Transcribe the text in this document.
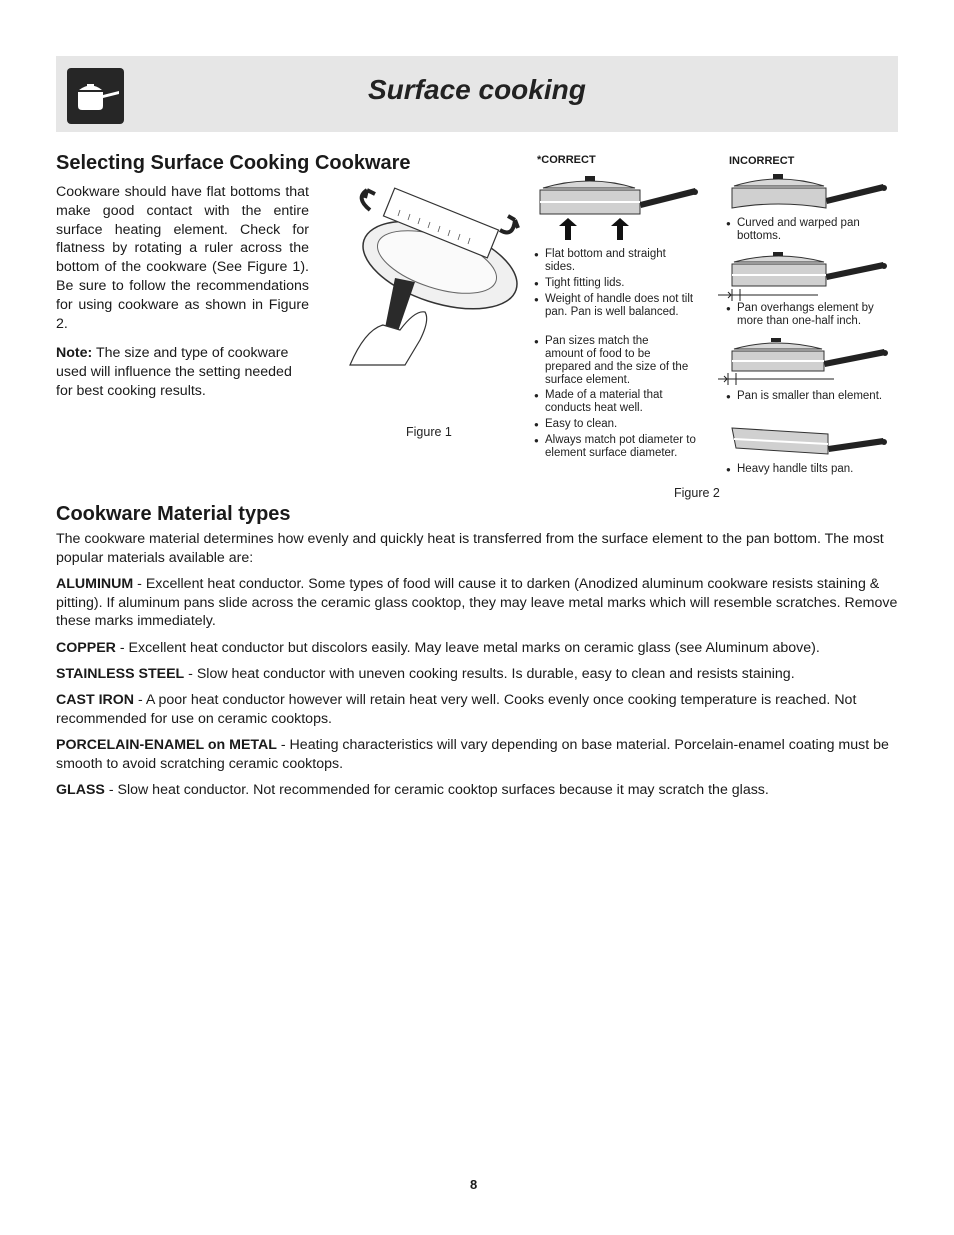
Surface cooking
Selecting Surface Cooking Cookware

Cookware should have flat bottoms that make good contact with the entire surface heating element. Check for flatness by rotating a ruler across the bottom of the cookware (See Figure 1). Be sure to follow the recommendations for using cookware as shown in Figure 2.

Note: The size and type of cookware used will influence the setting needed for best cooking results.

Figure 1
*CORRECT
● Flat bottom and straight sides.
● Tight fitting lids.
● Weight of handle does not tilt pan. Pan is well balanced.
● Pan sizes match the amount of food to be prepared and the size of the surface element.
● Made of a material that conducts heat well.
● Easy to clean.
● Always match pot diameter to element surface diameter.
INCORRECT
● Curved and warped pan bottoms.
● Pan overhangs element by more than one-half inch.
● Pan is smaller than element.
● Heavy handle tilts pan.
Figure 2
Cookware Material types

The cookware material determines how evenly and quickly heat is transferred from the surface element to the pan bottom. The most popular materials available are:

ALUMINUM - Excellent heat conductor. Some types of food will cause it to darken (Anodized aluminum cookware resists staining & pitting). If aluminum pans slide across the ceramic glass cooktop, they may leave metal marks which will resemble scratches. Remove these marks immediately.

COPPER - Excellent heat conductor but discolors easily. May leave metal marks on ceramic glass (see Aluminum above).

STAINLESS STEEL - Slow heat conductor with uneven cooking results. Is durable, easy to clean and resists staining.

CAST IRON - A poor heat conductor however will retain heat very well. Cooks evenly once cooking temperature is reached. Not recommended for use on ceramic cooktops.

PORCELAIN-ENAMEL on METAL - Heating characteristics will vary depending on base material. Porcelain-enamel coating must be smooth to avoid scratching ceramic cooktops.

GLASS - Slow heat conductor. Not recommended for ceramic cooktop surfaces because it may scratch the glass.

8
